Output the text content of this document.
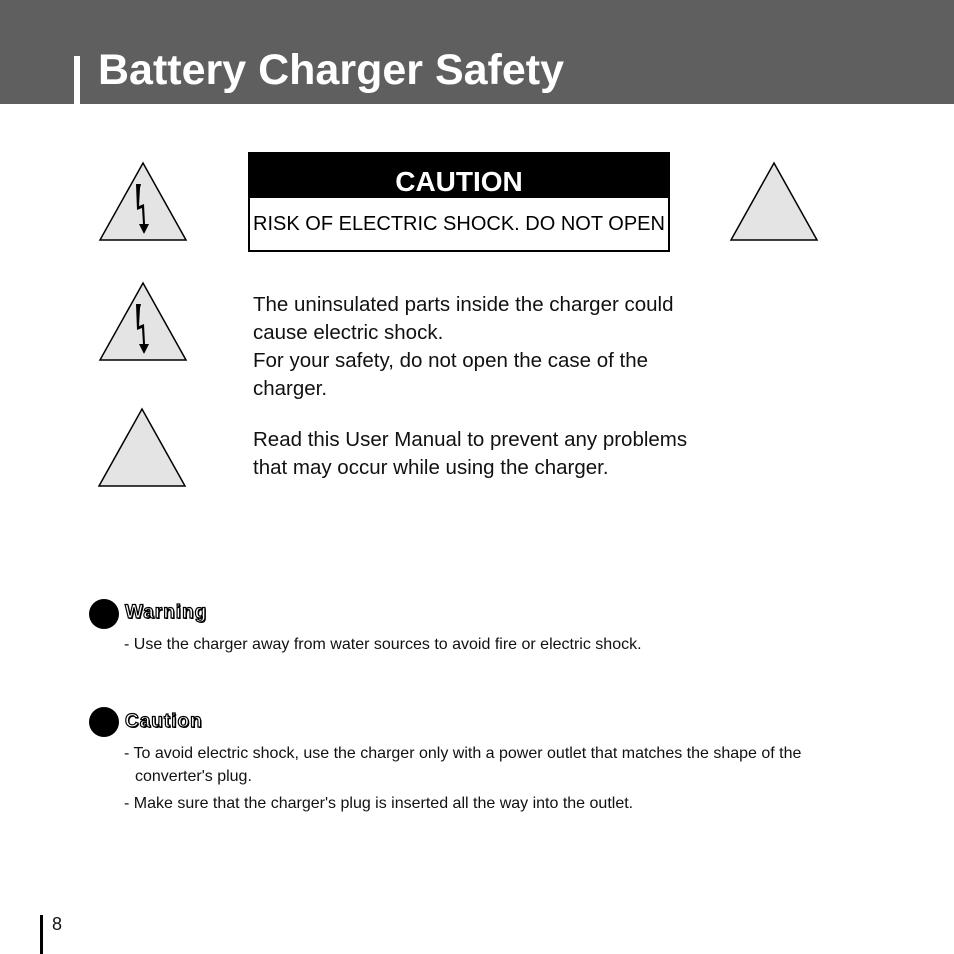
Battery Charger Safety
CAUTION
RISK OF ELECTRIC SHOCK. DO NOT OPEN

The uninsulated parts inside the charger could

cause electric shock.

For your safety, do not open the case of the

charger.

Read this User Manual to prevent any problems

that may occur while using the charger.

Warning
- Use the charger away from water sources to avoid fire or electric shock.
Caution
- To avoid electric shock, use the charger only with a power outlet that matches the shape of the
converter's plug.
- Make sure that the charger's plug is inserted all the way into the outlet.
8
